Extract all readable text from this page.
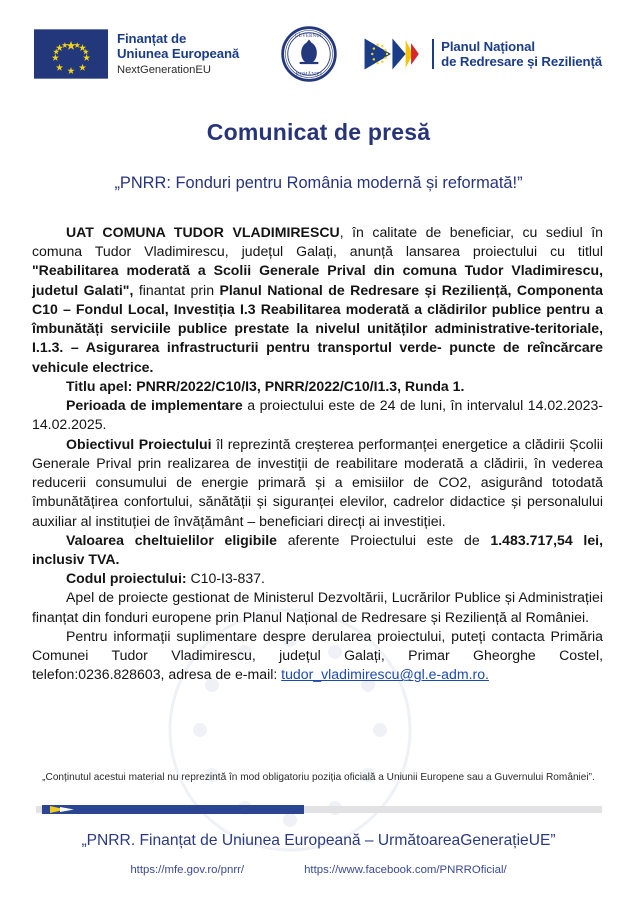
Finanțat de
Uniunea Europeană
NextGenerationEU
GUVERNUL
ROMÂNIEI
Planul Național
de Redresare și Reziliență
Comunicat de presă
„PNRR: Fonduri pentru România modernă și reformată!”

UAT COMUNA TUDOR VLADIMIRESCU, în calitate de beneficiar, cu sediul în comuna Tudor Vladimirescu, județul Galați, anunță lansarea proiectului cu titlul "Reabilitarea moderată a Scolii Generale Prival din comuna Tudor Vladimirescu, judetul Galati", finantat prin Planul National de Redresare și Reziliență, Componenta C10 – Fondul Local, Investiția I.3 Reabilitarea moderată a clădirilor publice pentru a îmbunătăți serviciile publice prestate la nivelul unităților administrative-teritoriale, I.1.3. – Asigurarea infrastructurii pentru transportul verde- puncte de reîncărcare vehicule electrice.

Titlu apel: PNRR/2022/C10/I3, PNRR/2022/C10/I1.3, Runda 1.

Perioada de implementare a proiectului este de 24 de luni, în intervalul 14.02.2023-14.02.2025.

Obiectivul Proiectului îl reprezintă creșterea performanței energetice a clădirii Școlii Generale Prival prin realizarea de investiții de reabilitare moderată a clădirii, în vederea reducerii consumului de energie primară și a emisiilor de CO2, asigurând totodată îmbunătățirea confortului, sănătății și siguranței elevilor, cadrelor didactice și personalului auxiliar al instituției de învățământ – beneficiari direcți ai investiției.

Valoarea cheltuielilor eligibile aferente Proiectului este de 1.483.717,54 lei, inclusiv TVA.

Codul proiectului: C10-I3-837.

Apel de proiecte gestionat de Ministerul Dezvoltării, Lucrărilor Publice și Administrației finanțat din fonduri europene prin Planul Național de Redresare și Reziliență al României.

Pentru informații suplimentare despre derularea proiectului, puteți contacta Primăria Comunei Tudor Vladimirescu, județul Galați, Primar Gheorghe Costel, telefon:0236.828603, adresa de e-mail: tudor_vladimirescu@gl.e-adm.ro.

„Conținutul acestui material nu reprezintă în mod obligatoriu poziția oficială a Uniunii Europene sau a Guvernului României”.
„PNRR. Finanțat de Uniunea Europeană – UrmătoareaGenerațieUE”
https://mfe.gov.ro/pnrr/	https://www.facebook.com/PNRROficial/
